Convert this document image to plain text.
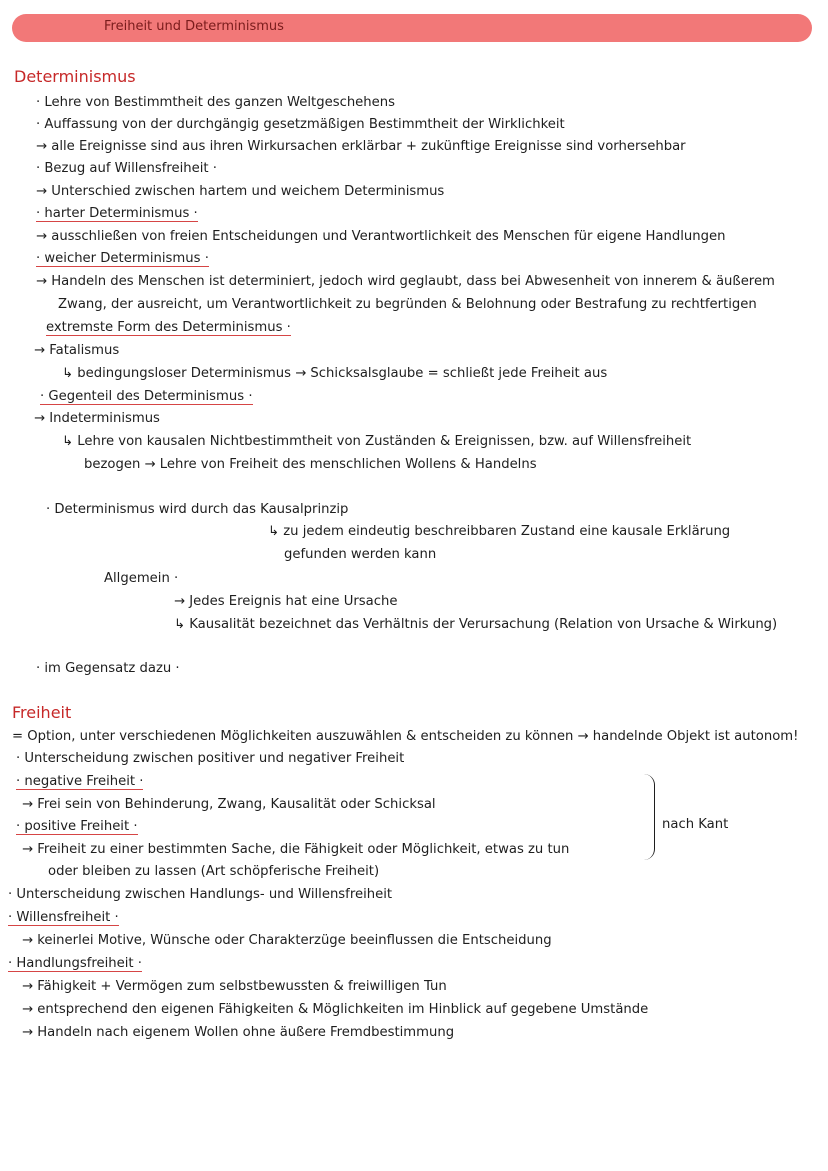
Freiheit und Determinismus
Determinismus
· Lehre von Bestimmtheit des ganzen Weltgeschehens
· Auffassung von der durchgängig gesetzmäßigen Bestimmtheit der Wirklichkeit
→ alle Ereignisse sind aus ihren Wirkursachen erklärbar + zukünftige Ereignisse sind vorhersehbar
· Bezug auf Willensfreiheit ·
→ Unterschied zwischen hartem und weichem Determinismus
· harter Determinismus ·
→ ausschließen von freien Entscheidungen und Verantwortlichkeit des Menschen für eigene Handlungen
· weicher Determinismus ·
→ Handeln des Menschen ist determiniert, jedoch wird geglaubt, dass bei Abwesenheit von innerem & äußerem
Zwang, der ausreicht, um Verantwortlichkeit zu begründen & Belohnung oder Bestrafung zu rechtfertigen
extremste Form des Determinismus ·
→ Fatalismus
↳ bedingungsloser Determinismus → Schicksalsglaube = schließt jede Freiheit aus
· Gegenteil des Determinismus ·
→ Indeterminismus
↳ Lehre von kausalen Nichtbestimmtheit von Zuständen & Ereignissen, bzw. auf Willensfreiheit
bezogen → Lehre von Freiheit des menschlichen Wollens & Handelns
· Determinismus wird durch das Kausalprinzip
↳ zu jedem eindeutig beschreibbaren Zustand eine kausale Erklärung
gefunden werden kann
Allgemein ·
→ Jedes Ereignis hat eine Ursache
↳ Kausalität bezeichnet das Verhältnis der Verursachung (Relation von Ursache & Wirkung)
· im Gegensatz dazu ·
Freiheit
= Option, unter verschiedenen Möglichkeiten auszuwählen & entscheiden zu können → handelnde Objekt ist autonom!
· Unterscheidung zwischen positiver und negativer Freiheit
· negative Freiheit ·
→ Frei sein von Behinderung, Zwang, Kausalität oder Schicksal
· positive Freiheit ·
→ Freiheit zu einer bestimmten Sache, die Fähigkeit oder Möglichkeit, etwas zu tun
oder bleiben zu lassen (Art schöpferische Freiheit)
nach Kant
· Unterscheidung zwischen Handlungs- und Willensfreiheit
· Willensfreiheit ·
→ keinerlei Motive, Wünsche oder Charakterzüge beeinflussen die Entscheidung
· Handlungsfreiheit ·
→ Fähigkeit + Vermögen zum selbstbewussten & freiwilligen Tun
→ entsprechend den eigenen Fähigkeiten & Möglichkeiten im Hinblick auf gegebene Umstände
→ Handeln nach eigenem Wollen ohne äußere Fremdbestimmung
